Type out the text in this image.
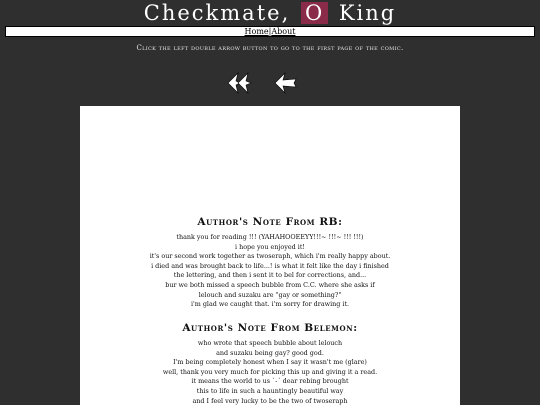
Checkmate, O King
Home|About
Click the left double arrow button to go to the first page of the comic.
Author's Note From RB:

thank you for reading !!! (YAHAHOOEEYY!!!~ !!!~ !!! !!!)
i hope you enjoyed it!
it's our second work together as twoseraph, which i'm really happy about.
i died and was brought back to life...! is what it felt like the day i finished
the lettering, and then i sent it to bel for corrections, and...
bur we both missed a speech bubble from C.C. where she asks if
lelouch and suzaku are "gay or something?"
i'm glad we caught that. i'm sorry for drawing it.

Author's Note From Belemon:

who wrote that speech bubble about lelouch
and suzaku being gay? good god.
I'm being completely honest when I say it wasn't me (glare)
well, thank you very much for picking this up and giving it a read.
it means the world to us `-´ dear rebing brought
this to life in such a hauntingly beautiful way
and I feel very lucky to be the two of twoseraph
